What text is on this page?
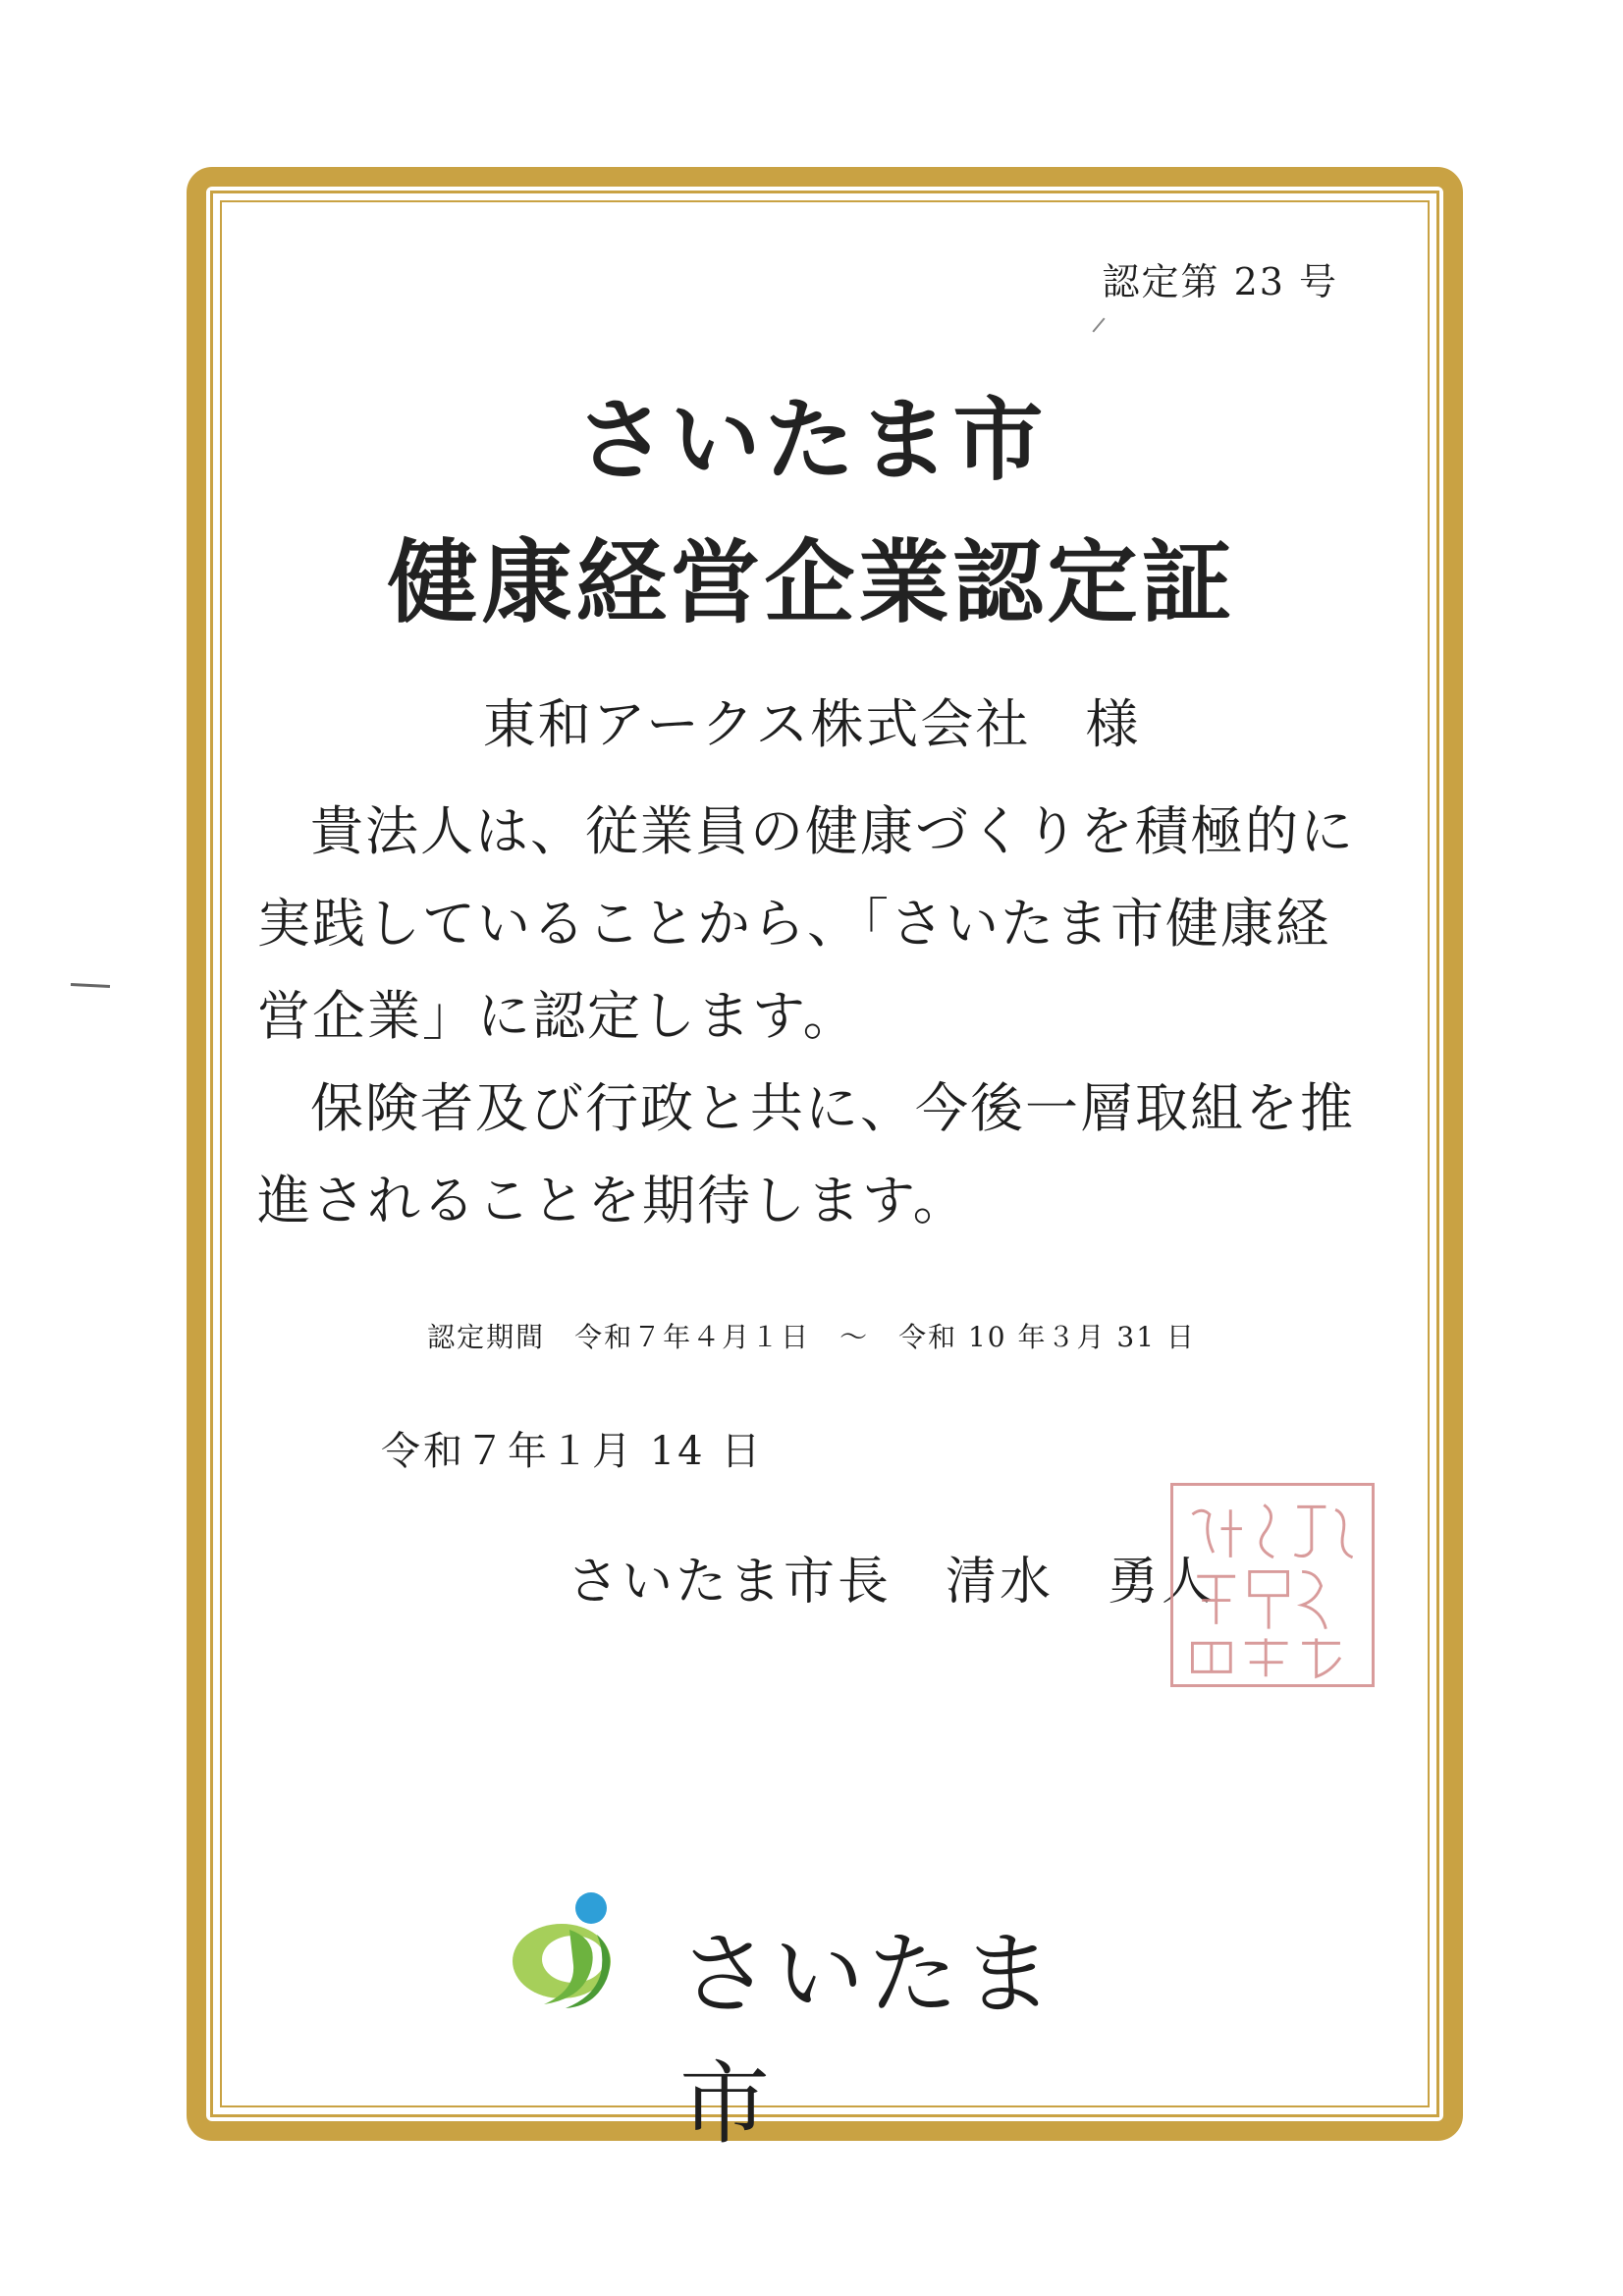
認定第 23 号
さいたま市
健康経営企業認定証
東和アークス株式会社　様

貴法人は、従業員の健康づくりを積極的に実践していることから、「さいたま市健康経営企業」に認定します。

保険者及び行政と共に、今後一層取組を推進されることを期待します。

認定期間　令和７年４月１日　～　令和 10 年３月 31 日
令和７年１月 14 日
さいたま市長　清水　勇人
さいたま市
